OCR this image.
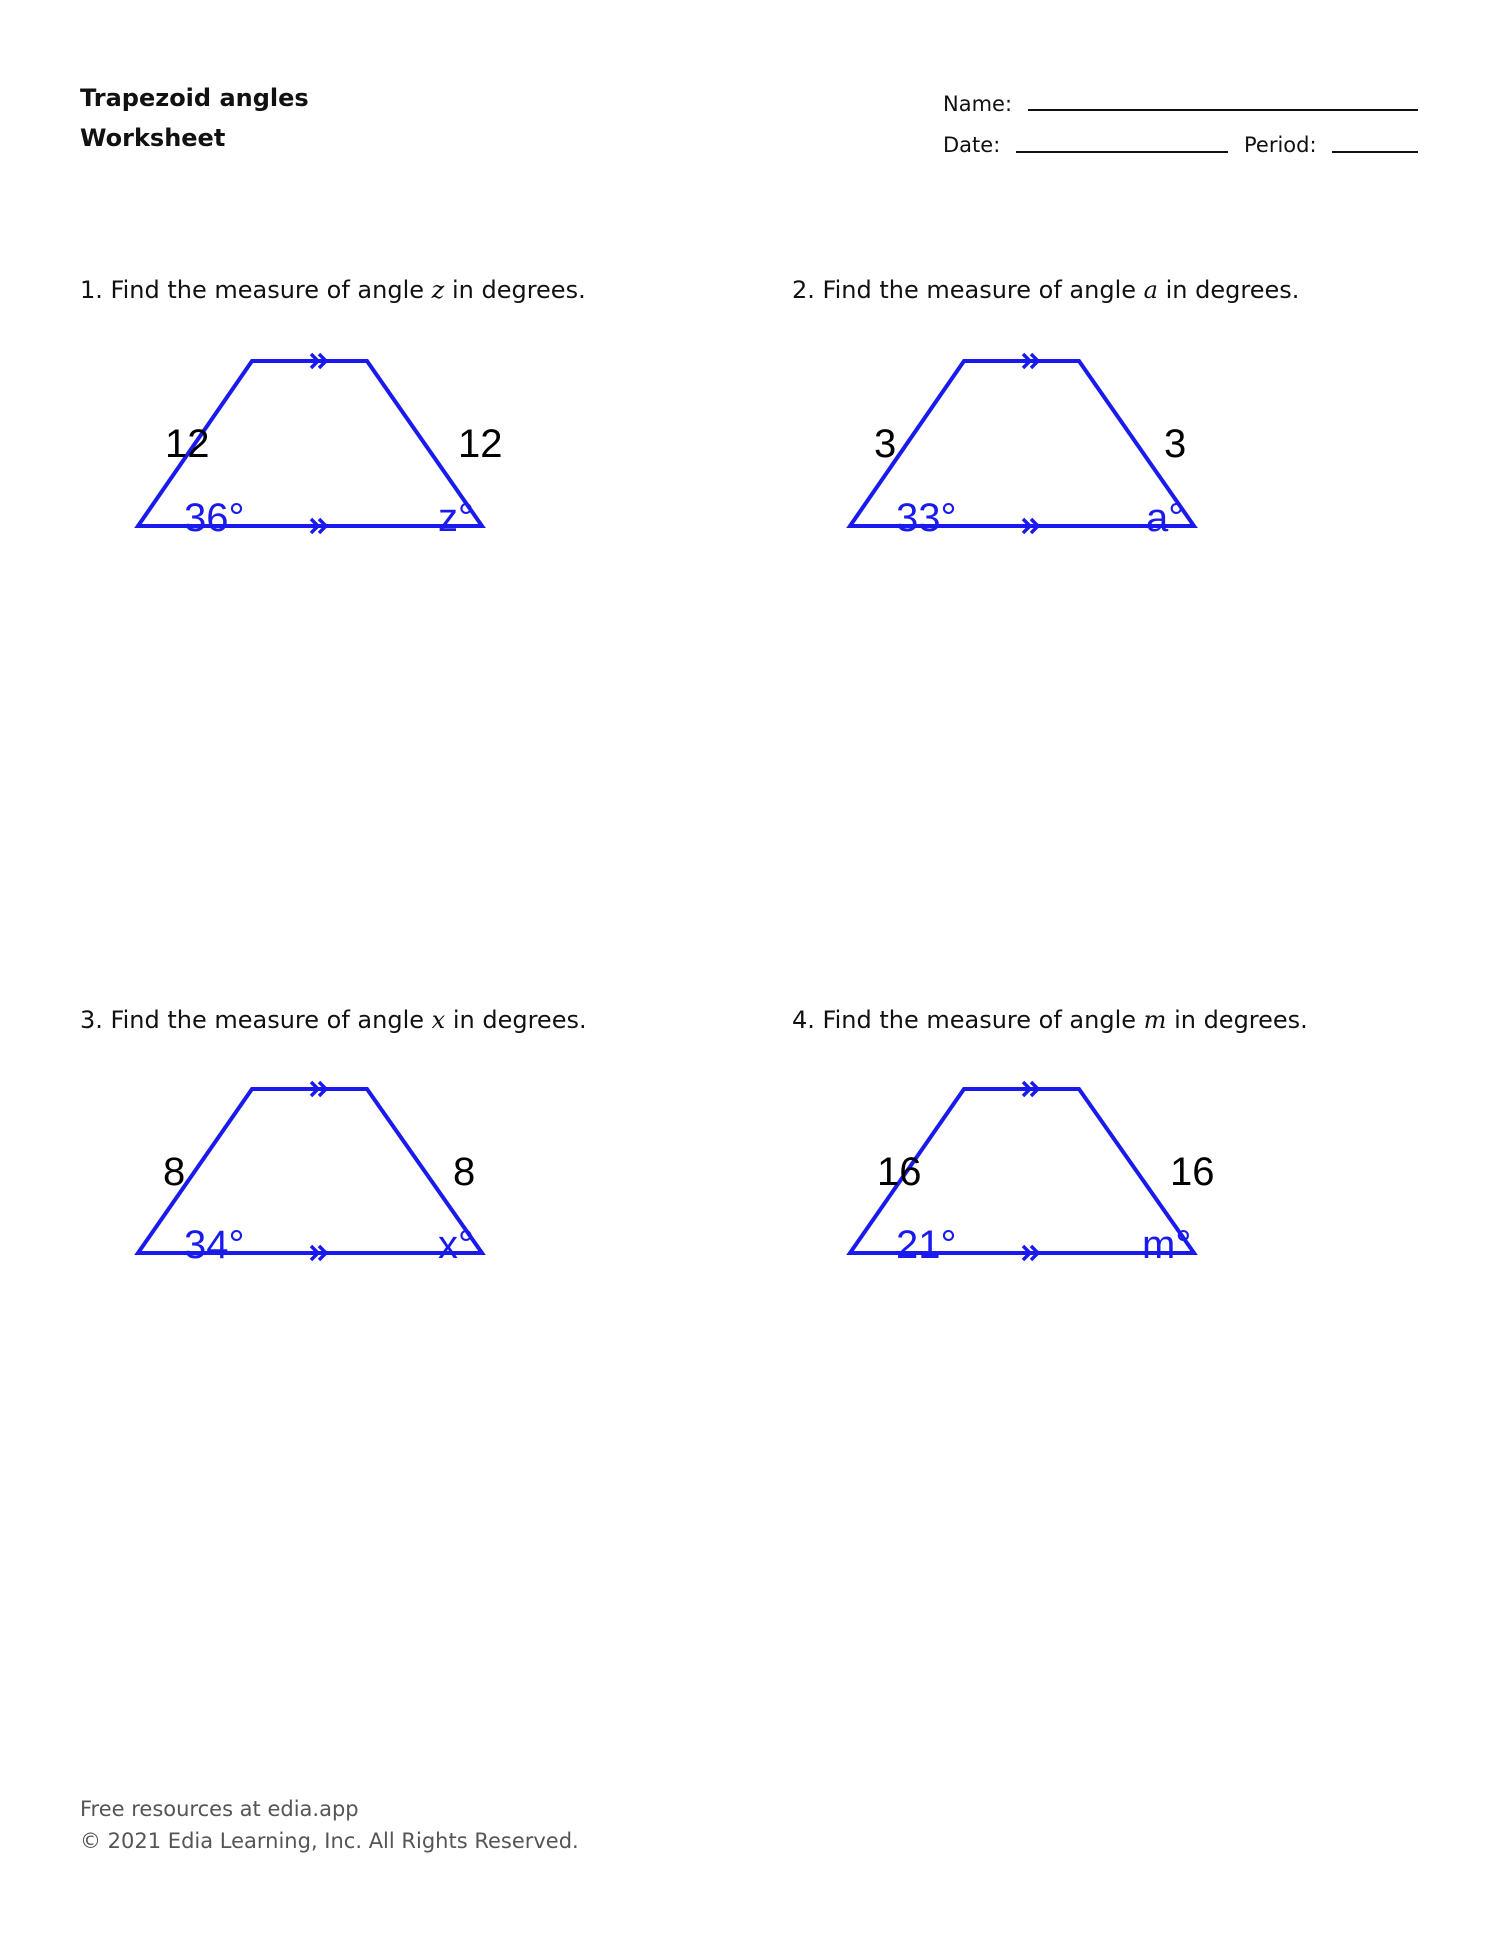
Trapezoid angles
Worksheet
Name:
Date:	Period:
1. Find the measure of angle z in degrees.
12	12
36°	z°
2. Find the measure of angle a in degrees.
3	3
33°	a°
3. Find the measure of angle x in degrees.
8	8
34°	x°
4. Find the measure of angle m in degrees.
16	16
21°	m°
Free resources at edia.app
© 2021 Edia Learning, Inc. All Rights Reserved.
